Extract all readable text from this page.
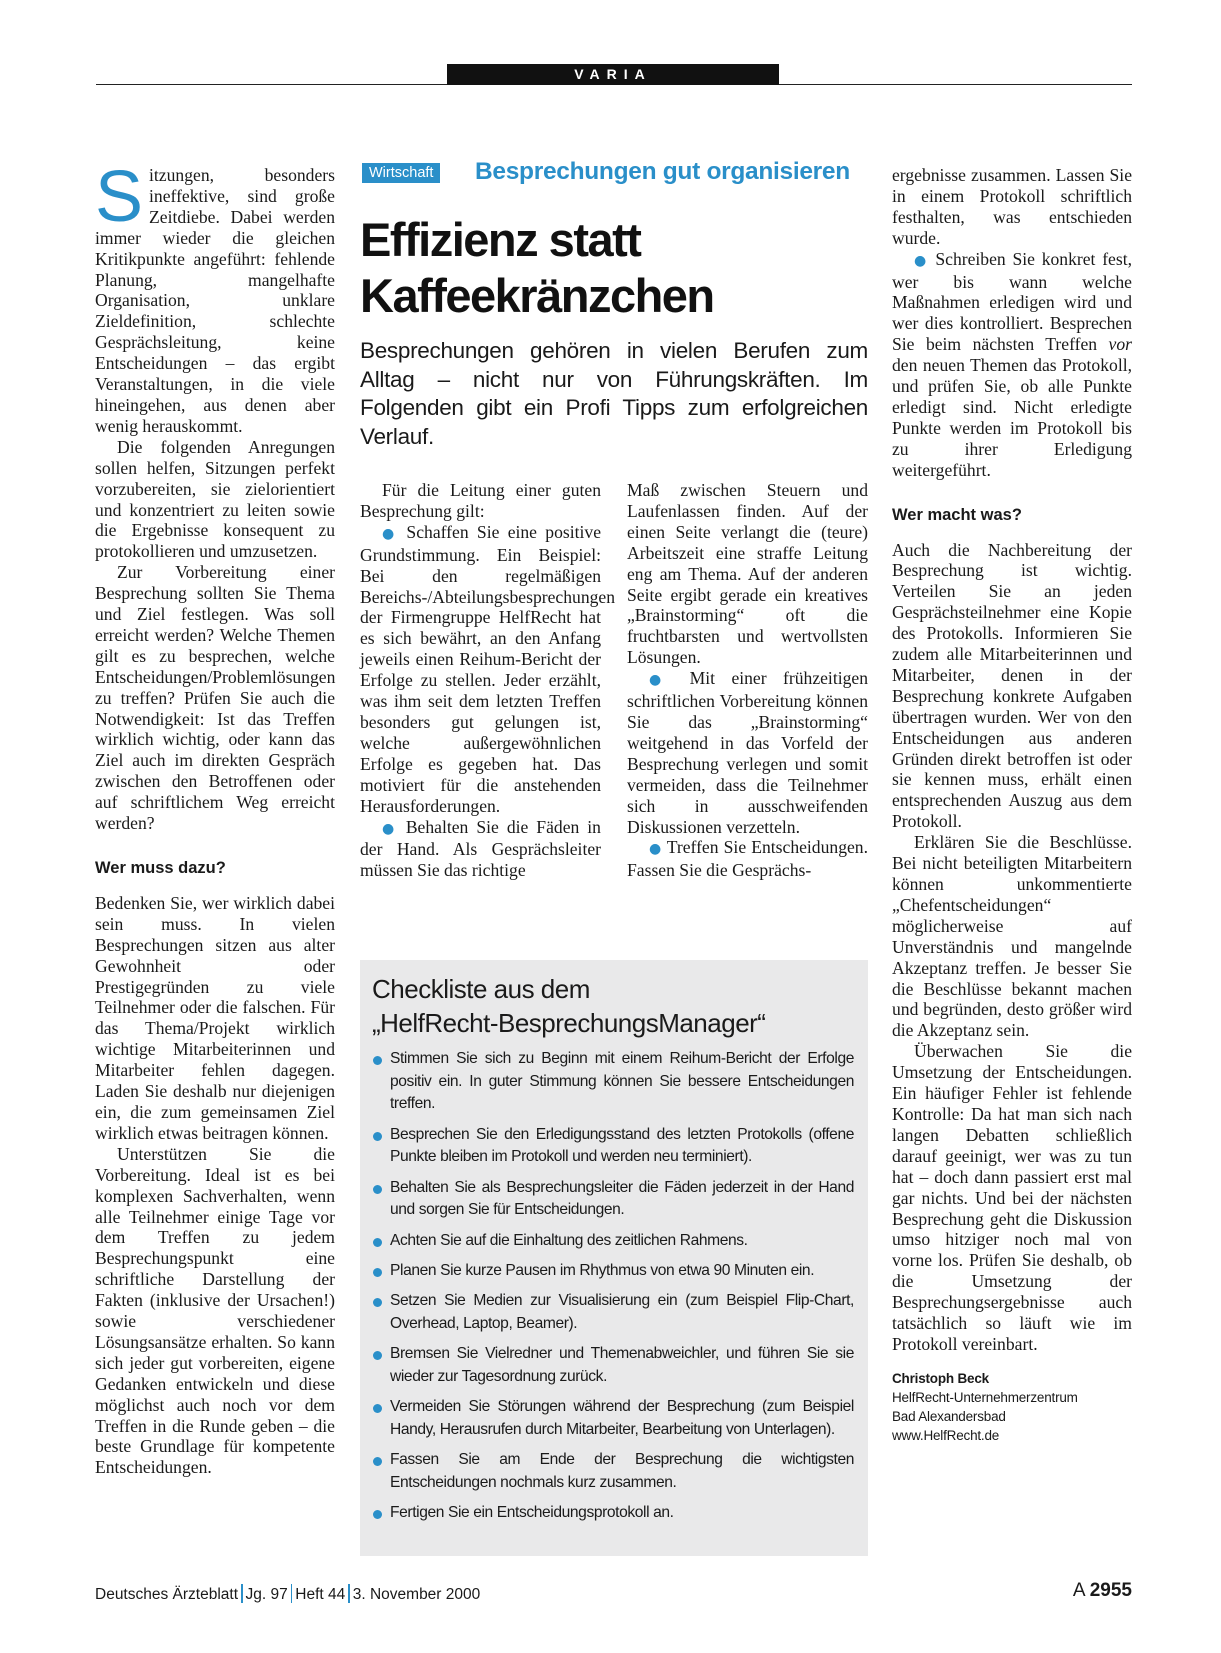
VARIA

Sitzungen, besonders ineffektive, sind große Zeitdiebe. Dabei werden immer wieder die gleichen Kritikpunkte angeführt: fehlende Planung, mangelhafte Organisation, unklare Zieldefinition, schlechte Gesprächsleitung, keine Entscheidungen – das ergibt Veranstaltungen, in die viele hineingehen, aus denen aber wenig herauskommt.

Die folgenden Anregungen sollen helfen, Sitzungen perfekt vorzubereiten, sie zielorientiert und konzentriert zu leiten sowie die Ergebnisse konsequent zu protokollieren und umzusetzen.

Zur Vorbereitung einer Besprechung sollten Sie Thema und Ziel festlegen. Was soll erreicht werden? Welche Themen gilt es zu besprechen, welche Entscheidungen/Problemlösungen zu treffen? Prüfen Sie auch die Notwendigkeit: Ist das Treffen wirklich wichtig, oder kann das Ziel auch im direkten Gespräch zwischen den Betroffenen oder auf schriftlichem Weg erreicht werden?

Wer muss dazu?

Bedenken Sie, wer wirklich dabei sein muss. In vielen Besprechungen sitzen aus alter Gewohnheit oder Prestigegründen zu viele Teilnehmer oder die falschen. Für das Thema/Projekt wirklich wichtige Mitarbeiterinnen und Mitarbeiter fehlen dagegen. Laden Sie deshalb nur diejenigen ein, die zum gemeinsamen Ziel wirklich etwas beitragen können.

Unterstützen Sie die Vorbereitung. Ideal ist es bei komplexen Sachverhalten, wenn alle Teilnehmer einige Tage vor dem Treffen zu jedem Besprechungspunkt eine schriftliche Darstellung der Fakten (inklusive der Ursachen!) sowie verschiedener Lösungsansätze erhalten. So kann sich jeder gut vorbereiten, eigene Gedanken entwickeln und diese möglichst auch noch vor dem Treffen in die Runde geben – die beste Grundlage für kompetente Entscheidungen.

Wirtschaft Besprechungen gut organisieren
Effizienz statt
Kaffeekränzchen
Besprechungen gehören in vielen Berufen zum Alltag – nicht nur von Führungskräften. Im Folgenden gibt ein Profi Tipps zum erfolgreichen Verlauf.

Für die Leitung einer guten Besprechung gilt:

● Schaffen Sie eine positive Grundstimmung. Ein Beispiel: Bei den regelmäßigen Bereichs-/Abteilungsbesprechungen der Firmengruppe HelfRecht hat es sich bewährt, an den Anfang jeweils einen Reihum-Bericht der Erfolge zu stellen. Jeder erzählt, was ihm seit dem letzten Treffen besonders gut gelungen ist, welche außergewöhnlichen Erfolge es gegeben hat. Das motiviert für die anstehenden Herausforderungen.

● Behalten Sie die Fäden in der Hand. Als Gesprächsleiter müssen Sie das richtige

Maß zwischen Steuern und Laufenlassen finden. Auf der einen Seite verlangt die (teure) Arbeitszeit eine straffe Leitung eng am Thema. Auf der anderen Seite ergibt gerade ein kreatives „Brainstorming“ oft die fruchtbarsten und wertvollsten Lösungen.

● Mit einer frühzeitigen schriftlichen Vorbereitung können Sie das „Brainstorming“ weitgehend in das Vorfeld der Besprechung verlegen und somit vermeiden, dass die Teilnehmer sich in ausschweifenden Diskussionen verzetteln.

● Treffen Sie Entscheidungen. Fassen Sie die Gesprächs-

Checkliste aus dem
„HelfRecht-BesprechungsManager“
Stimmen Sie sich zu Beginn mit einem Reihum-Bericht der Erfolge positiv ein. In guter Stimmung können Sie bessere Entscheidungen treffen.
Besprechen Sie den Erledigungsstand des letzten Protokolls (offene Punkte bleiben im Protokoll und werden neu terminiert).
Behalten Sie als Besprechungsleiter die Fäden jederzeit in der Hand und sorgen Sie für Entscheidungen.
Achten Sie auf die Einhaltung des zeitlichen Rahmens.
Planen Sie kurze Pausen im Rhythmus von etwa 90 Minuten ein.
Setzen Sie Medien zur Visualisierung ein (zum Beispiel Flip-Chart, Overhead, Laptop, Beamer).
Bremsen Sie Vielredner und Themenabweichler, und führen Sie sie wieder zur Tagesordnung zurück.
Vermeiden Sie Störungen während der Besprechung (zum Beispiel Handy, Herausrufen durch Mitarbeiter, Bearbeitung von Unterlagen).
Fassen Sie am Ende der Besprechung die wichtigsten Entscheidungen nochmals kurz zusammen.
Fertigen Sie ein Entscheidungsprotokoll an.

ergebnisse zusammen. Lassen Sie in einem Protokoll schriftlich festhalten, was entschieden wurde.

● Schreiben Sie konkret fest, wer bis wann welche Maßnahmen erledigen wird und wer dies kontrolliert. Besprechen Sie beim nächsten Treffen vor den neuen Themen das Protokoll, und prüfen Sie, ob alle Punkte erledigt sind. Nicht erledigte Punkte werden im Protokoll bis zu ihrer Erledigung weitergeführt.

Wer macht was?

Auch die Nachbereitung der Besprechung ist wichtig. Verteilen Sie an jeden Gesprächsteilnehmer eine Kopie des Protokolls. Informieren Sie zudem alle Mitarbeiterinnen und Mitarbeiter, denen in der Besprechung konkrete Aufgaben übertragen wurden. Wer von den Entscheidungen aus anderen Gründen direkt betroffen ist oder sie kennen muss, erhält einen entsprechenden Auszug aus dem Protokoll.

Erklären Sie die Beschlüsse. Bei nicht beteiligten Mitarbeitern können unkommentierte „Chefentscheidungen“ möglicherweise auf Unverständnis und mangelnde Akzeptanz treffen. Je besser Sie die Beschlüsse bekannt machen und begründen, desto größer wird die Akzeptanz sein.

Überwachen Sie die Umsetzung der Entscheidungen. Ein häufiger Fehler ist fehlende Kontrolle: Da hat man sich nach langen Debatten schließlich darauf geeinigt, wer was zu tun hat – doch dann passiert erst mal gar nichts. Und bei der nächsten Besprechung geht die Diskussion umso hitziger noch mal von vorne los. Prüfen Sie deshalb, ob die Umsetzung der Besprechungsergebnisse auch tatsächlich so läuft wie im Protokoll vereinbart.

Christoph Beck
HelfRecht-Unternehmerzentrum
Bad Alexandersbad
www.HelfRecht.de
Deutsches Ärzteblatt Jg. 97 Heft 44 3. November 2000	A 2955
